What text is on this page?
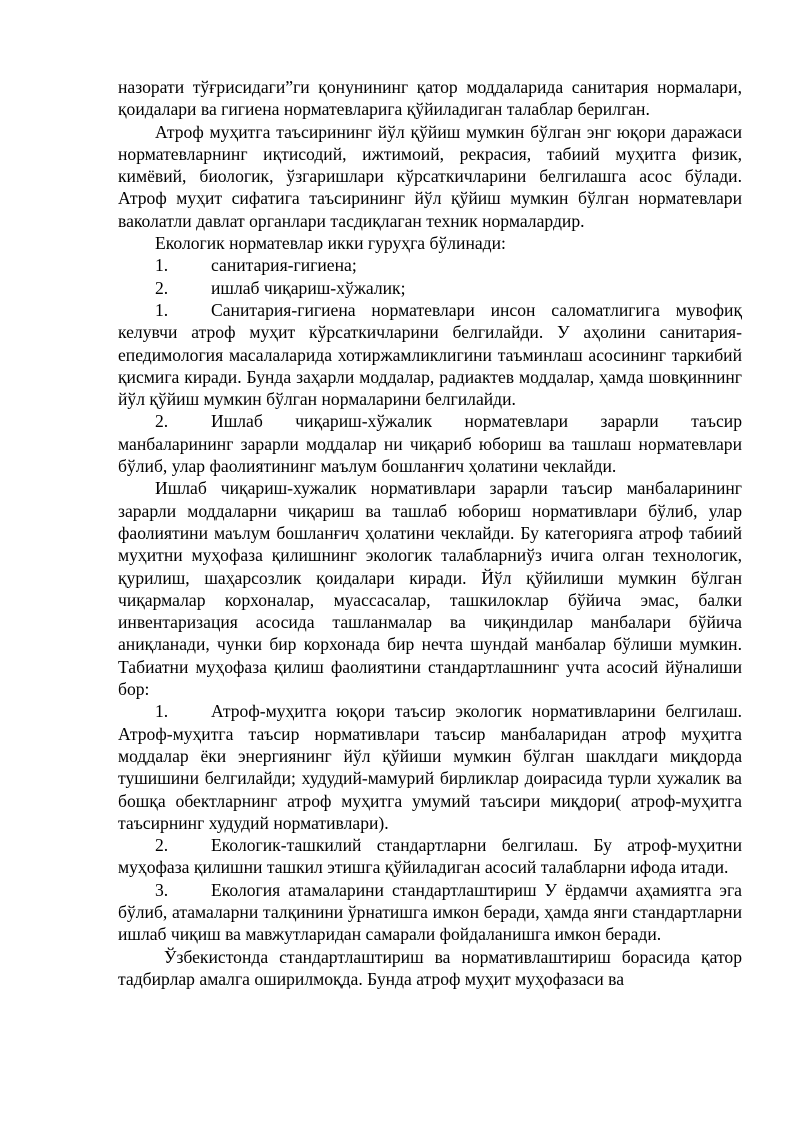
назорати тўғрисидаги”ги қонунининг қатор моддаларида санитария нормалари, қоидалари ва гигиена норматевларига қўйиладиган талаблар берилган.

Атроф муҳитга таъсирининг йўл қўйиш мумкин бўлган энг юқори даражаси норматевларнинг иқтисодий, ижтимоий, рекрасия, табиий муҳитга физик, кимёвий, биологик, ўзгаришлари кўрсаткичларини белгилашга асос бўлади. Атроф муҳит сифатига таъсирининг йўл қўйиш мумкин бўлган норматевлари ваколатли давлат органлари тасдиқлаган техник нормалардир.

Екологик норматевлар икки гуруҳга бўлинади:

1. санитария-гигиена;

2. ишлаб чиқариш-хўжалик;

1. Санитария-гигиена норматевлари инсон саломатлигига мувофиқ келувчи атроф муҳит кўрсаткичларини белгилайди. У аҳолини санитария-епедимология масалаларида хотиржамликлигини таъминлаш асосининг таркибий қисмига киради. Бунда заҳарли моддалар, радиактев моддалар, ҳамда шовқиннинг йўл қўйиш мумкин бўлган нормаларини белгилайди.

2. Ишлаб чиқариш-хўжалик норматевлари зарарли таъсир манбаларининг зарарли моддалар ни чиқариб юбориш ва ташлаш норматевлари бўлиб, улар фаолиятининг маълум бошланғич ҳолатини чеклайди.

Ишлаб чиқариш-хужалик нормативлари зарарли таъсир манбаларининг зарарли моддаларни чиқариш ва ташлаб юбориш нормативлари бўлиб, улар фаолиятини маълум бошланғич ҳолатини чеклайди. Бу категорияга атроф табиий муҳитни муҳофаза қилишнинг экологик талабларниўз ичига олган технологик, қурилиш, шаҳарсозлик қоидалари киради. Йўл қўйилиши мумкин бўлган чиқармалар корхоналар, муассасалар, ташкилоклар бўйича эмас, балки инвентаризация асосида ташланмалар ва чиқиндилар манбалари бўйича аниқланади, чунки бир корхонада бир нечта шундай манбалар бўлиши мумкин. Табиатни муҳофаза қилиш фаолиятини стандартлашнинг учта асосий йўналиши бор:

1. Атроф-муҳитга юқори таъсир экологик нормативларини белгилаш. Атроф-муҳитга таъсир нормативлари таъсир манбаларидан атроф муҳитга моддалар ёки энергиянинг йўл қўйиши мумкин бўлган шаклдаги миқдорда тушишини белгилайди; худудий-мамурий бирликлар доирасида турли хужалик ва бошқа обектларнинг атроф муҳитга умумий таъсири миқдори( атроф-муҳитга таъсирнинг худудий нормативлари).

2. Екологик-ташкилий стандартларни белгилаш. Бу атроф-муҳитни муҳофаза қилишни ташкил этишга қўйиладиган асосий талабларни ифода итади.

3. Екология атамаларини стандартлаштириш У ёрдамчи аҳамиятга эга бўлиб, атамаларни талқинини ўрнатишга имкон беради, ҳамда янги стандартларни ишлаб чиқиш ва мавжутларидан самарали фойдаланишга имкон беради.

Ўзбекистонда стандартлаштириш ва нормативлаштириш борасида қатор тадбирлар амалга оширилмоқда. Бунда атроф муҳит муҳофазаси ва
